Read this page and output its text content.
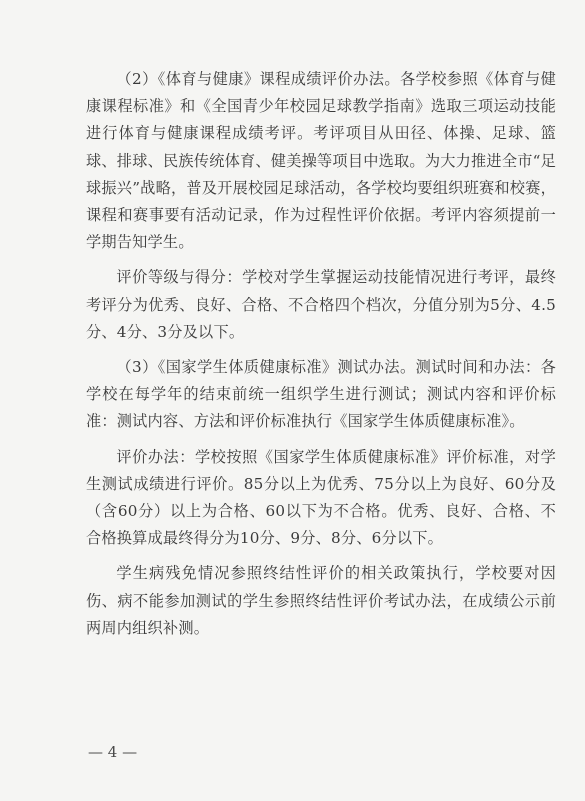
（2）《体育与健康》课程成绩评价办法。各学校参照《体育与健康课程标准》和《全国青少年校园足球教学指南》选取三项运动技能进行体育与健康课程成绩考评。考评项目从田径、体操、足球、篮球、排球、民族传统体育、健美操等项目中选取。为大力推进全市“足球振兴”战略，普及开展校园足球活动，各学校均要组织班赛和校赛，课程和赛事要有活动记录，作为过程性评价依据。考评内容须提前一学期告知学生。

评价等级与得分：学校对学生掌握运动技能情况进行考评，最终考评分为优秀、良好、合格、不合格四个档次，分值分别为5分、4.5分、4分、3分及以下。

（3）《国家学生体质健康标准》测试办法。测试时间和办法：各学校在每学年的结束前统一组织学生进行测试；测试内容和评价标准：测试内容、方法和评价标准执行《国家学生体质健康标准》。

评价办法：学校按照《国家学生体质健康标准》评价标准，对学生测试成绩进行评价。85分以上为优秀、75分以上为良好、60分及（含60分）以上为合格、60以下为不合格。优秀、良好、合格、不合格换算成最终得分为10分、9分、8分、6分以下。

学生病残免情况参照终结性评价的相关政策执行，学校要对因伤、病不能参加测试的学生参照终结性评价考试办法，在成绩公示前两周内组织补测。

— 4 —
